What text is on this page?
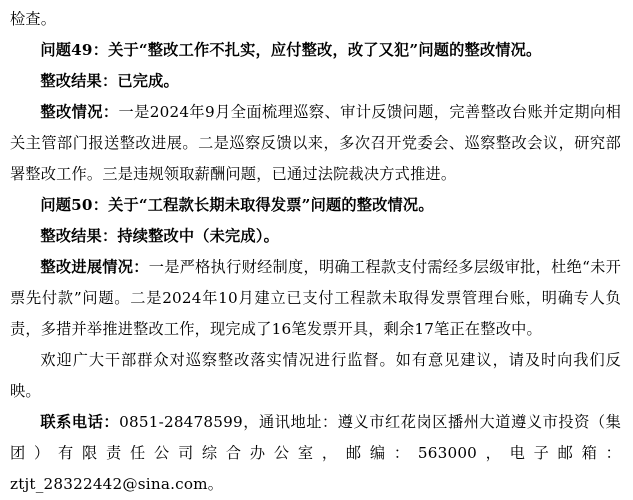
检查。

问题49：关于“整改工作不扎实，应付整改，改了又犯”问题的整改情况。

整改结果：已完成。

整改情况：一是2024年9月全面梳理巡察、审计反馈问题，完善整改台账并定期向相关主管部门报送整改进展。二是巡察反馈以来，多次召开党委会、巡察整改会议，研究部署整改工作。三是违规领取薪酬问题，已通过法院裁决方式推进。

问题50：关于“工程款长期未取得发票”问题的整改情况。

整改结果：持续整改中（未完成）。

整改进展情况：一是严格执行财经制度，明确工程款支付需经多层级审批，杜绝“未开票先付款”问题。二是2024年10月建立已支付工程款未取得发票管理台账，明确专人负责，多措并举推进整改工作，现完成了16笔发票开具，剩余17笔正在整改中。

欢迎广大干部群众对巡察整改落实情况进行监督。如有意见建议，请及时向我们反映。

联系电话：0851-28478599，通讯地址：遵义市红花岗区播州大道遵义市投资（集团）有限责任公司综合办公室，邮编：563000，电子邮箱：ztjt_28322442@sina.com。
